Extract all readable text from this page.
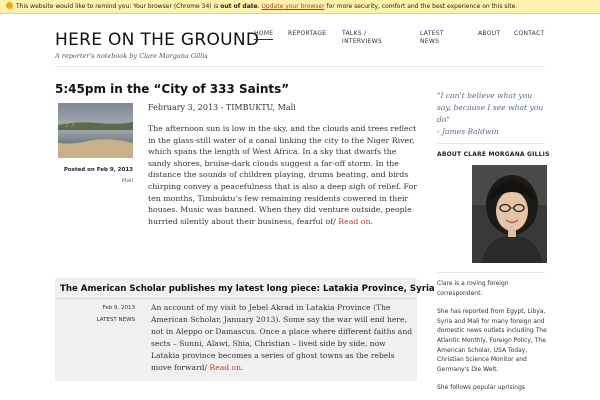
This website would like to remind you: Your browser (Chrome 34) is out of date. Update your browser for more security, comfort and the best experience on this site.
HERE ON THE GROUND
A reporter's notebook by Clare Morgana Gillis
HOME REPORTAGE	TALKS /
INTERVIEWS
LATEST
NEWS
ABOUT CONTACT
5:45pm in the “City of 333 Saints”
Posted on Feb 9, 2013
Mali
February 3, 2013 - TIMBUKTU, Mali
The afternoon sun is low in the sky, and the clouds and trees reflect in the glass-still water of a canal linking the city to the Niger River, which spans the length of West Africa. In a sky that dwarfs the sandy shores, bruise-dark clouds suggest a far-off storm. In the distance the sounds of children playing, drums beating, and birds chirping convey a peacefulness that is also a deep sigh of relief. For ten months, Timbuktu’s few remaining residents cowered in their houses. Music was banned. When they did venture outside, people hurried silently about their business, fearful of/ Read on.
The American Scholar publishes my latest long piece: Latakia Province, Syria
Feb 9, 2013
LATEST NEWS
An account of my visit to Jebel Akrad in Latakia Province (The American Scholar, January 2013). Some say the war will end here, not in Aleppo or Damascus. Once a place where different faiths and sects – Sunni, Alawi, Shia, Christian – lived side by side, now Latakia province becomes a series of ghost towns as the rebels move forward/ Read on.
"I can't believe what you say, because I see what you do"
- James Baldwin
ABOUT CLARE MORGANA GILLIS

Clare is a roving foreign correspondent.

She has reported from Egypt, Libya, Syria and Mali for many foreign and domestic news outlets including The Atlantic Monthly, Foreign Policy, The American Scholar, USA Today, Christian Science Monitor and Germany's Die Welt.

She follows popular uprisings
